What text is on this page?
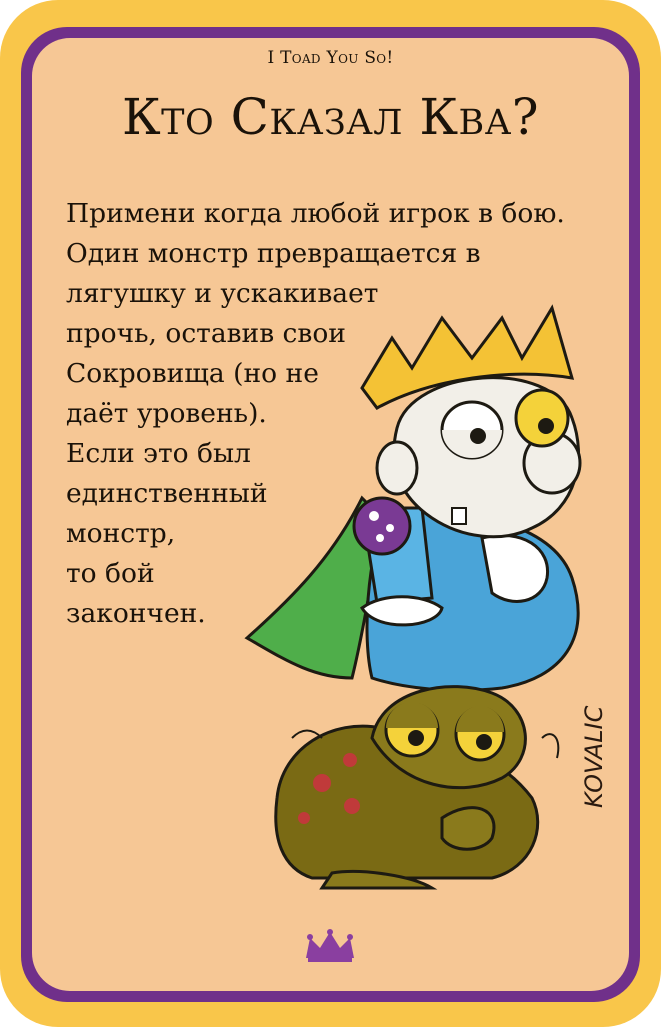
I Toad You So!
Кто Сказал Ква?
Примени когда любой игрок в бою.
Один монстр превращается в
лягушку и ускакивает
прочь, оставив свои
Сокровища (но не
даёт уровень).
Если это был
единственный
монстр,
то бой
закончен.
KOVALIC
